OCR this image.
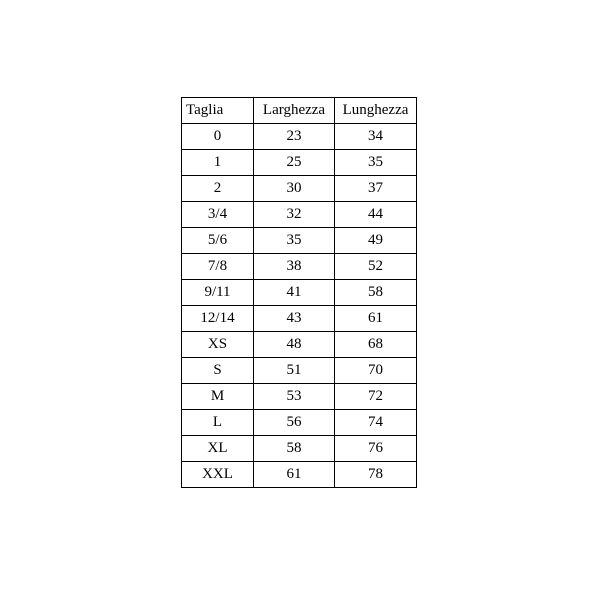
Taglia	Larghezza	Lunghezza
0	23	34
1	25	35
2	30	37
3/4	32	44
5/6	35	49
7/8	38	52
9/11	41	58
12/14	43	61
XS	48	68
S	51	70
M	53	72
L	56	74
XL	58	76
XXL	61	78
